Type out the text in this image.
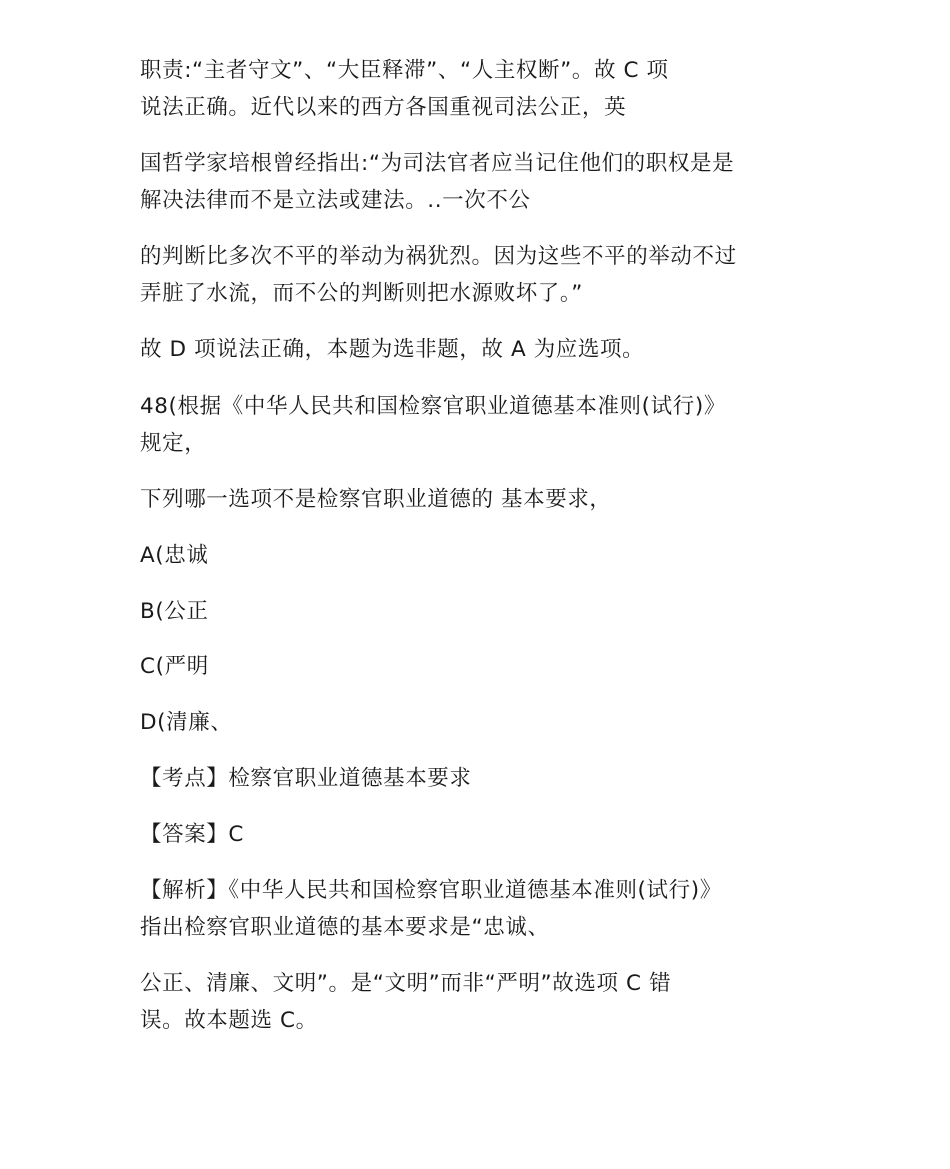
职责:“主者守文”、“大臣释滞”、“人主权断”。故 C 项
说法正确。近代以来的西方各国重视司法公正，英
国哲学家培根曾经指出:“为司法官者应当记住他们的职权是是
解决法律而不是立法或建法。..一次不公
的判断比多次不平的举动为祸犹烈。因为这些不平的举动不过
弄脏了水流，而不公的判断则把水源败坏了。”
故 D 项说法正确，本题为选非题，故 A 为应选项。
48(根据《中华人民共和国检察官职业道德基本准则(试行)》
规定，
下列哪一选项不是检察官职业道德的 基本要求，
A(忠诚
B(公正
C(严明
D(清廉、
【考点】检察官职业道德基本要求
【答案】C
【解析】《中华人民共和国检察官职业道德基本准则(试行)》
指出检察官职业道德的基本要求是“忠诚、
公正、清廉、文明”。是“文明”而非“严明”故选项 C 错
误。故本题选 C。
